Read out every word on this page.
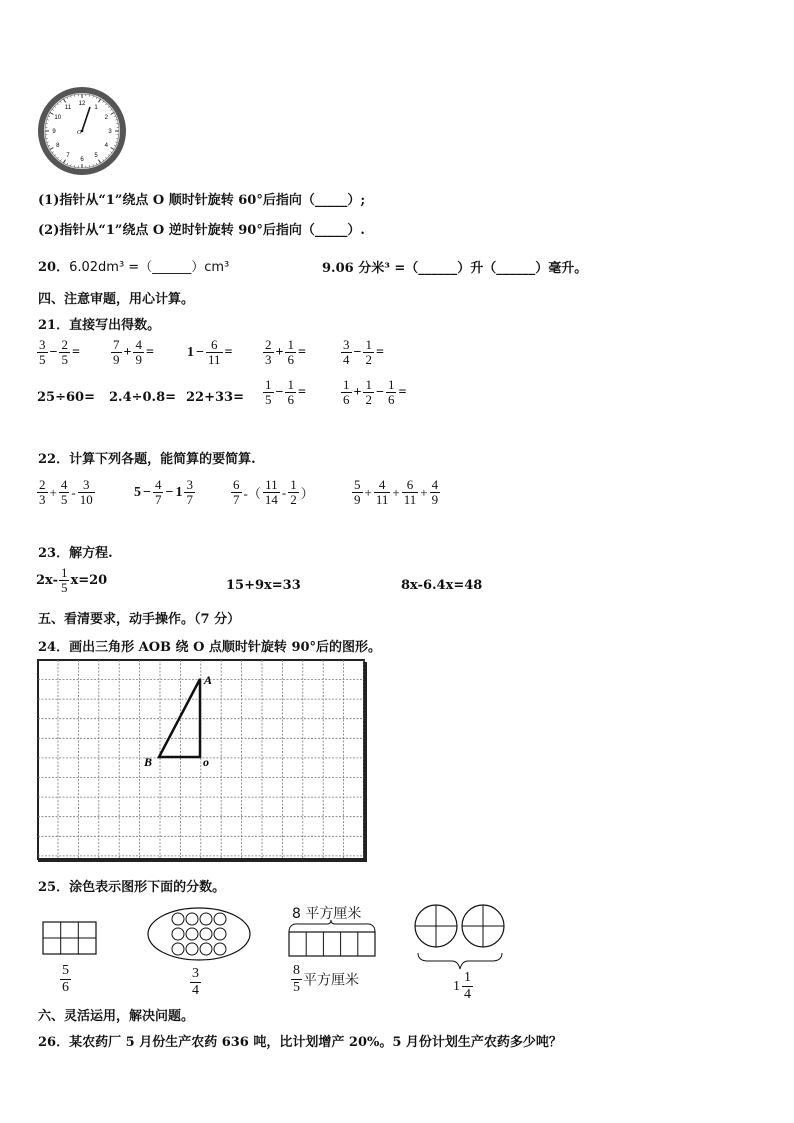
12
1
2
3
4
5
6
7
8
9
10
11
O
(1)指针从“1”绕点 O 顺时针旋转 60°后指向（_____）;
(2)指针从“1”绕点 O 逆时针旋转 90°后指向（_____）.
20．6.02dm³ =（______）cm³	9.06 分米³ =（______）升（______）毫升。
四、注意审题，用心计算。
21．直接写出得数。
$\frac{3}{5} - \frac{2}{5} = \frac{7}{9} + \frac{4}{9} = 1 - \frac{6}{11} = \frac{2}{3} + \frac{1}{6}$ =	$\frac{3}{4} - \frac{1}{2}$ =
$25\div 60= 2.4\div 0.8= 22+33= \frac{1}{5} - \frac{1}{6}$ =	$\frac{1}{6} + \frac{1}{2} - \frac{1}{6}$ =
22．计算下列各题，能简算的要简算.
$\frac{2}{3} + \frac{4}{5} - \frac{3}{10}$	$5 - \frac{4}{7} - 1 \frac{3}{7}$	$\frac{6}{7}$ -（ $\frac{11}{14} - \frac{1}{2}$ ）	$\frac{5}{9} + \frac{4}{11} + \frac{6}{11} + \frac{4}{9}$
23．解方程.
$2x- \frac{1}{5} x=20$	15+9x=33	8x-6.4x=48
五、看清要求，动手操作。（7 分）
24．画出三角形 AOB 绕 O 点顺时针旋转 90°后的图形。
A
B	o
25．涂色表示图形下面的分数。
$\frac{5}{6}$	$\frac{3}{4}$
8 平方厘米
$\frac{8}{5}$ 平方厘米	$1 \frac{1}{4}$
六、灵活运用，解决问题。
26．某农药厂 5 月份生产农药 636 吨，比计划增产 20%。5 月份计划生产农药多少吨？
